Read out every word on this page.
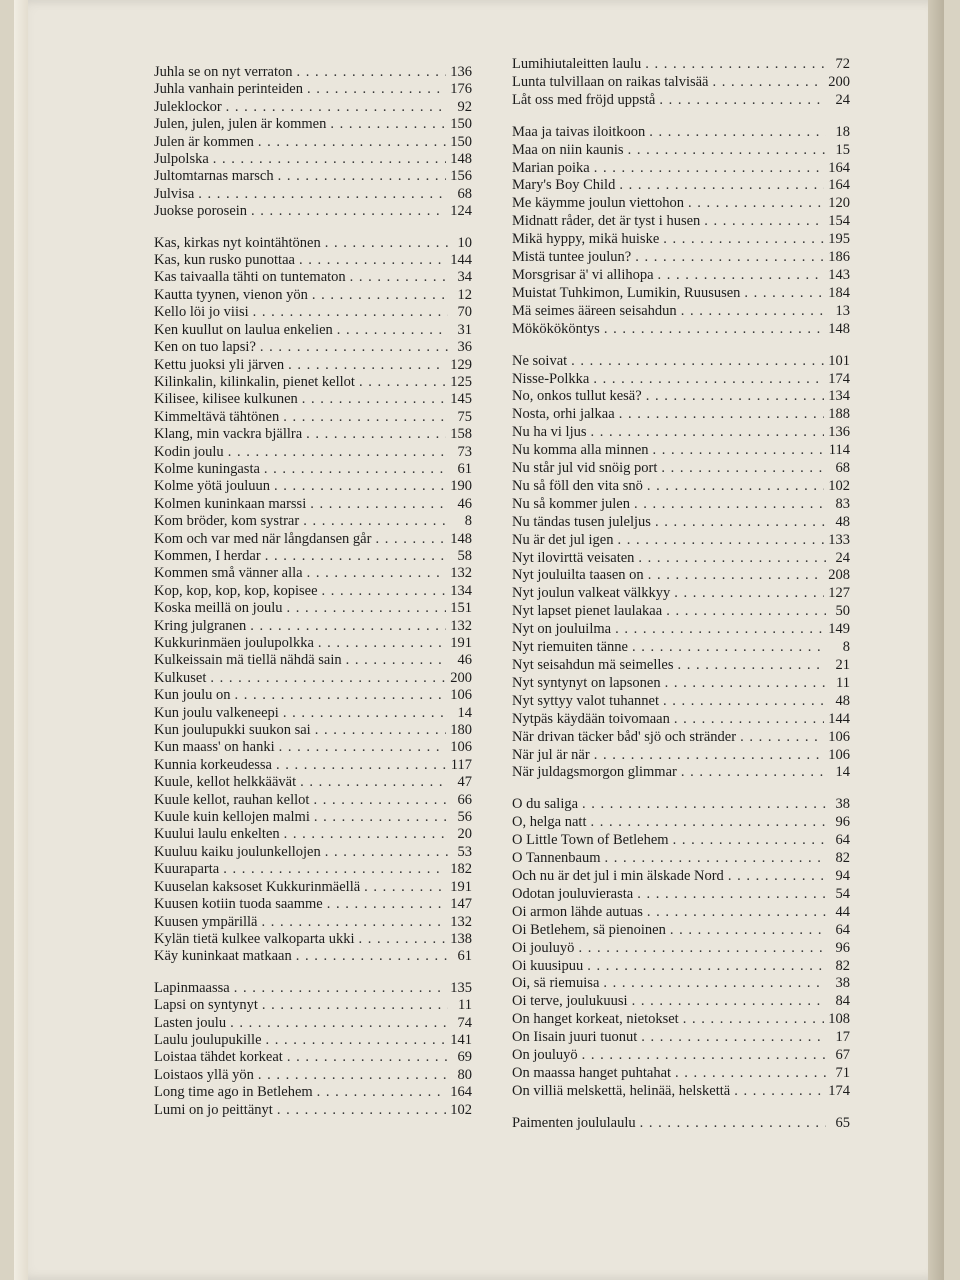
Juhla se on nyt verraton . . .	136
Juhla vanhain perinteiden . . .	176
Juleklockor . . .	92
Julen, julen, julen är kommen . . .	150
Julen är kommen . . .	150
Julpolska . . .	148
Jultomtarnas marsch . . .	156
Julvisa . . .	68
Juokse porosein . . .	124
Kas, kirkas nyt kointähtönen . . .	10
Kas, kun rusko punottaa . . .	144
Kas taivaalla tähti on tuntematon . . .	34
Kautta tyynen, vienon yön . . .	12
Kello löi jo viisi . . .	70
Ken kuullut on laulua enkelien . . .	31
Ken on tuo lapsi? . . .	36
Kettu juoksi yli järven . . .	129
Kilinkalin, kilinkalin, pienet kellot . . .	125
Kilisee, kilisee kulkunen . . .	145
Kimmeltävä tähtönen . . .	75
Klang, min vackra bjällra . . .	158
Kodin joulu . . .	73
Kolme kuningasta . . .	61
Kolme yötä jouluun . . .	190
Kolmen kuninkaan marssi . . .	46
Kom bröder, kom systrar . . .	8
Kom och var med när långdansen går . . .	148
Kommen, I herdar . . .	58
Kommen små vänner alla . . .	132
Kop, kop, kop, kop, kopisee . . .	134
Koska meillä on joulu . . .	151
Kring julgranen . . .	132
Kukkurinmäen joulupolkka . . .	191
Kulkeissain mä tiellä nähdä sain . . .	46
Kulkuset . . .	200
Kun joulu on . . .	106
Kun joulu valkeneepi . . .	14
Kun joulupukki suukon sai . . .	180
Kun maass' on hanki . . .	106
Kunnia korkeudessa . . .	117
Kuule, kellot helkkäävät . . .	47
Kuule kellot, rauhan kellot . . .	66
Kuule kuin kellojen malmi . . .	56
Kuului laulu enkelten . . .	20
Kuuluu kaiku joulunkellojen . . .	53
Kuuraparta . . .	182
Kuuselan kaksoset Kukkurinmäellä . . .	191
Kuusen kotiin tuoda saamme . . .	147
Kuusen ympärillä . . .	132
Kylän tietä kulkee valkoparta ukki . . .	138
Käy kuninkaat matkaan . . .	61
Lapinmaassa . . .	135
Lapsi on syntynyt . . .	11
Lasten joulu . . .	74
Laulu joulupukille . . .	141
Loistaa tähdet korkeat . . .	69
Loistaos yllä yön . . .	80
Long time ago in Betlehem . . .	164
Lumi on jo peittänyt . . .	102
Lumihiutaleitten laulu . . .	72
Lunta tulvillaan on raikas talvisää . . .	200
Låt oss med fröjd uppstå . . .	24
Maa ja taivas iloitkoon . . .	18
Maa on niin kaunis . . .	15
Marian poika . . .	164
Mary's Boy Child . . .	164
Me käymme joulun viettohon . . .	120
Midnatt råder, det är tyst i husen . . .	154
Mikä hyppy, mikä huiske . . .	195
Mistä tuntee joulun? . . .	186
Morsgrisar ä' vi allihopa . . .	143
Muistat Tuhkimon, Lumikin, Ruususen . . .	184
Mä seimes ääreen seisahdun . . .	13
Mökökököntys . . .	148
Ne soivat . . .	101
Nisse-Polkka . . .	174
No, onkos tullut kesä? . . .	134
Nosta, orhi jalkaa . . .	188
Nu ha vi ljus . . .	136
Nu komma alla minnen . . .	114
Nu står jul vid snöig port . . .	68
Nu så föll den vita snö . . .	102
Nu så kommer julen . . .	83
Nu tändas tusen juleljus . . .	48
Nu är det jul igen . . .	133
Nyt ilovirttä veisaten . . .	24
Nyt jouluilta taasen on . . .	208
Nyt joulun valkeat välkkyy . . .	127
Nyt lapset pienet laulakaa . . .	50
Nyt on jouluilma . . .	149
Nyt riemuiten tänne . . .	8
Nyt seisahdun mä seimelles . . .	21
Nyt syntynyt on lapsonen . . .	11
Nyt syttyy valot tuhannet . . .	48
Nytpäs käydään toivomaan . . .	144
När drivan täcker båd' sjö och stränder . . .	106
När jul är när . . .	106
När juldagsmorgon glimmar . . .	14
O du saliga . . .	38
O, helga natt . . .	96
O Little Town of Betlehem . . .	64
O Tannenbaum . . .	82
Och nu är det jul i min älskade Nord . . .	94
Odotan jouluvierasta . . .	54
Oi armon lähde autuas . . .	44
Oi Betlehem, sä pienoinen . . .	64
Oi jouluyö . . .	96
Oi kuusipuu . . .	82
Oi, sä riemuisa . . .	38
Oi terve, joulukuusi . . .	84
On hanget korkeat, nietokset . . .	108
On Iisain juuri tuonut . . .	17
On jouluyö . . .	67
On maassa hanget puhtahat . . .	71
On villiä melskettä, helinää, helskettä . . .	174
Paimenten joululaulu . . .	65
